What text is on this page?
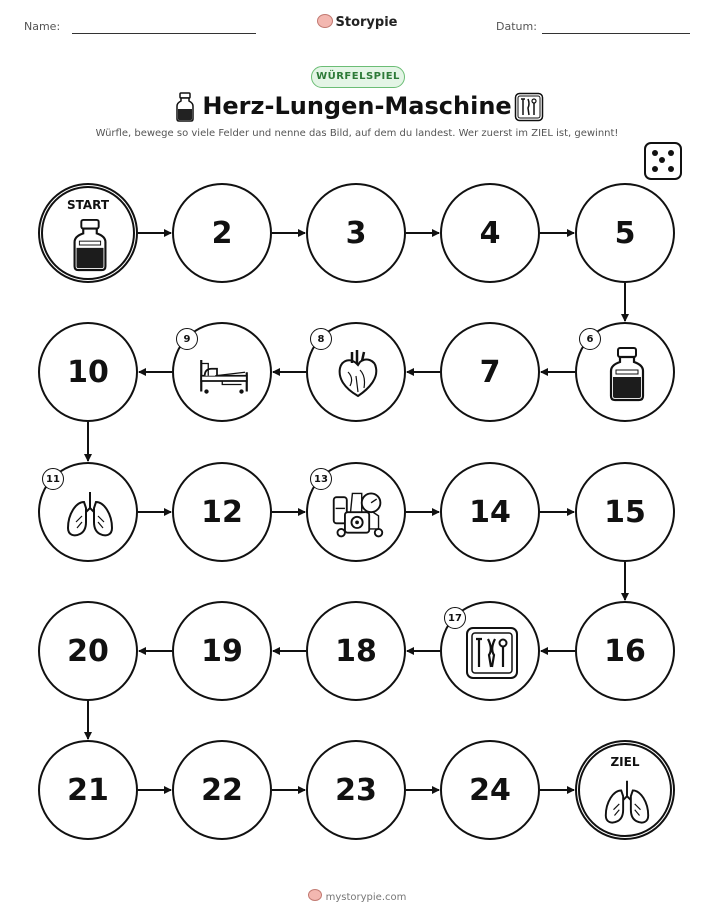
Name:	Storypie	Datum:
WÜRFELSPIEL
Herz-Lungen-Maschine
Würfle, bewege so viele Felder und nenne das Bild, auf dem du landest. Wer zuerst im ZIEL ist, gewinnt!
START
2	3	4	5
6
7
8
9
10
11
12
13
14	15
16
17
18
19
20
21	22	23	24
ZIEL
mystorypie.com
